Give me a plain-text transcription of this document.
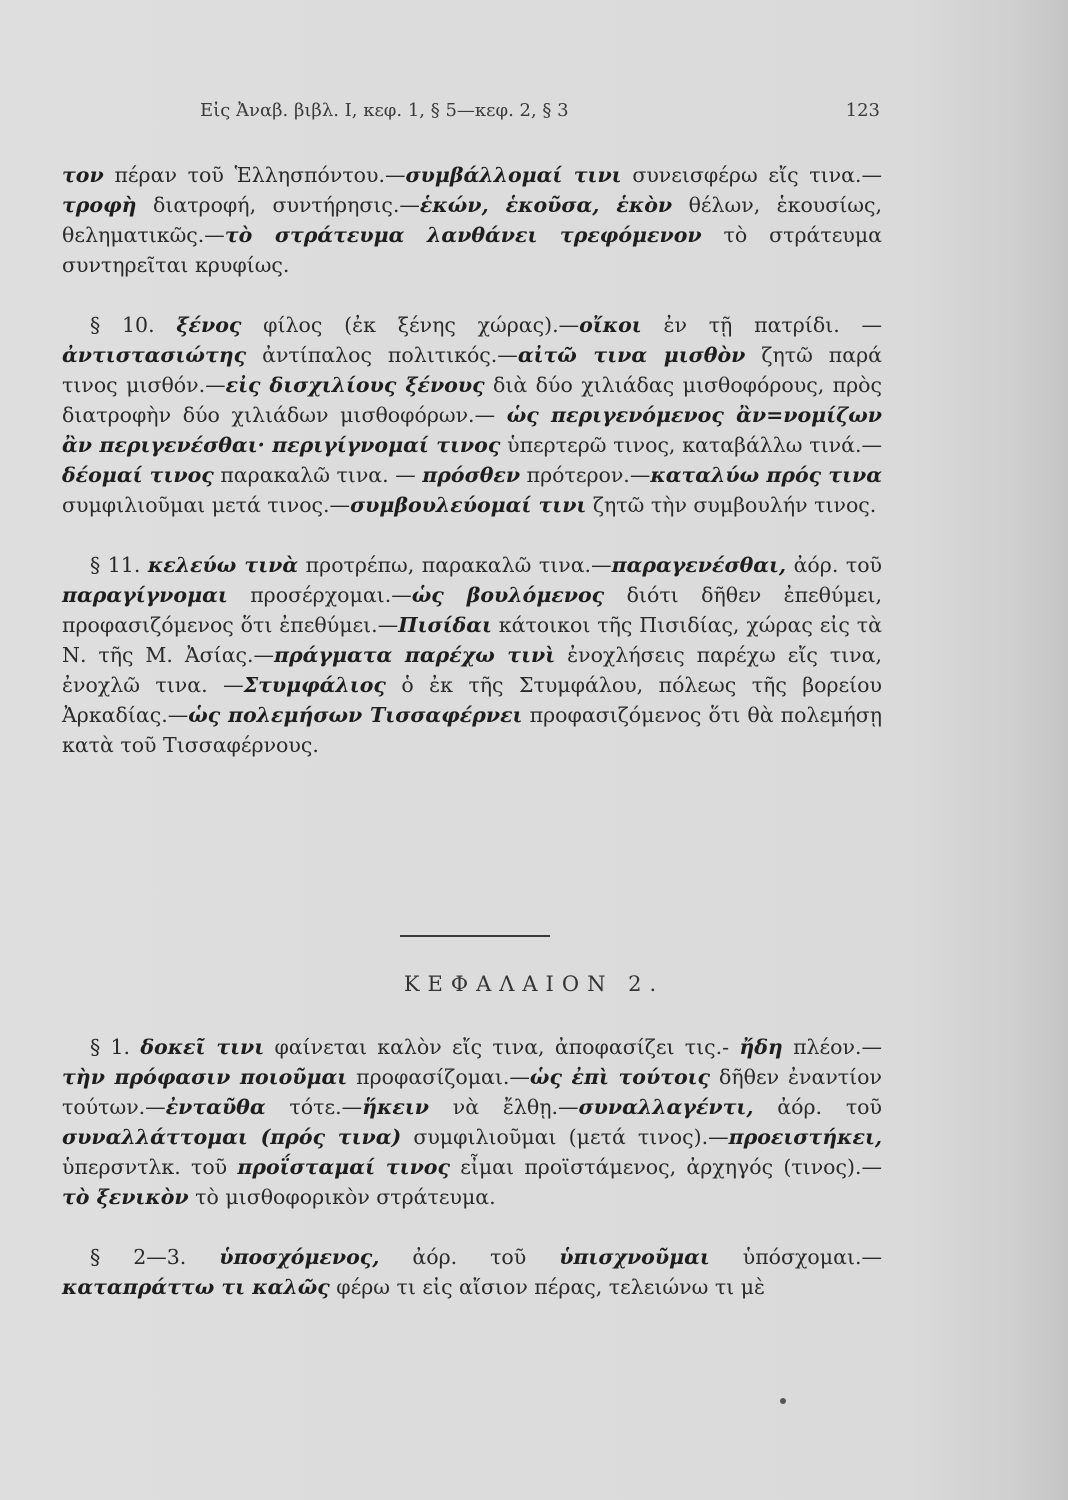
Εἰς Ἀναβ. βιβλ. Ι, κεφ. 1, § 5—κεφ. 2, § 3	123

τον πέραν τοῦ Ἑλλησπόντου.—συμβάλλομαί τινι συνεισφέρω εἴς τινα.—τροφὴ διατροφή, συντήρησις.—ἑκών, ἑκοῦσα, ἑκὸν θέλων, ἑκουσίως, θεληματικῶς.—τὸ στράτευμα λανθάνει τρεφόμενον τὸ στράτευμα συντηρεῖται κρυφίως.

§ 10. ξένος φίλος (ἐκ ξένης χώρας).—οἴκοι ἐν τῇ πατρίδι. —ἀντιστασιώτης ἀντίπαλος πολιτικός.—αἰτῶ τινα μισθὸν ζητῶ παρά τινος μισθόν.—εἰς δισχιλίους ξένους διὰ δύο χιλιάδας μισθοφόρους, πρὸς διατροφὴν δύο χιλιάδων μισθοφόρων.— ὡς περιγενόμενος ἂν=νομίζων ἂν περιγενέσθαι· περιγίγνομαί τινος ὑπερτερῶ τινος, καταβάλλω τινά.—δέομαί τινος παρακαλῶ τινα. — πρόσθεν πρότερον.—καταλύω πρός τινα συμφιλιοῦμαι μετά τινος.—συμβουλεύομαί τινι ζητῶ τὴν συμβουλήν τινος.

§ 11. κελεύω τινὰ προτρέπω, παρακαλῶ τινα.—παραγενέσθαι, ἀόρ. τοῦ παραγίγνομαι προσέρχομαι.—ὡς βουλόμενος διότι δῆθεν ἐπεθύμει, προφασιζόμενος ὅτι ἐπεθύμει.—Πισίδαι κάτοικοι τῆς Πισιδίας, χώρας εἰς τὰ Ν. τῆς Μ. Ἀσίας.—πράγματα παρέχω τινὶ ἐνοχλήσεις παρέχω εἴς τινα, ἐνοχλῶ τινα. —Στυμφάλιος ὁ ἐκ τῆς Στυμφάλου, πόλεως τῆς βορείου Ἀρκαδίας.—ὡς πολεμήσων Τισσαφέρνει προφασιζόμενος ὅτι θὰ πολεμήσῃ κατὰ τοῦ Τισσαφέρνους.

ΚΕΦΑΛΑΙΟΝ 2.

§ 1. δοκεῖ τινι φαίνεται καλὸν εἴς τινα, ἀποφασίζει τις.- ἤδη πλέον.—τὴν πρόφασιν ποιοῦμαι προφασίζομαι.—ὡς ἐπὶ τούτοις δῆθεν ἐναντίον τούτων.—ἐνταῦθα τότε.—ἥκειν νὰ ἔλθῃ.—συναλλαγέντι, ἀόρ. τοῦ συναλλάττομαι (πρός τινα) συμφιλιοῦμαι (μετά τινος).—προειστήκει, ὑπερσντλκ. τοῦ προΐσταμαί τινος εἶμαι προϊστάμενος, ἀρχηγός (τινος).—τὸ ξενικὸν τὸ μισθοφορικὸν στράτευμα.

§ 2—3. ὑποσχόμενος, ἀόρ. τοῦ ὑπισχνοῦμαι ὑπόσχομαι.— καταπράττω τι καλῶς φέρω τι εἰς αἴσιον πέρας, τελειώνω τι μὲ
